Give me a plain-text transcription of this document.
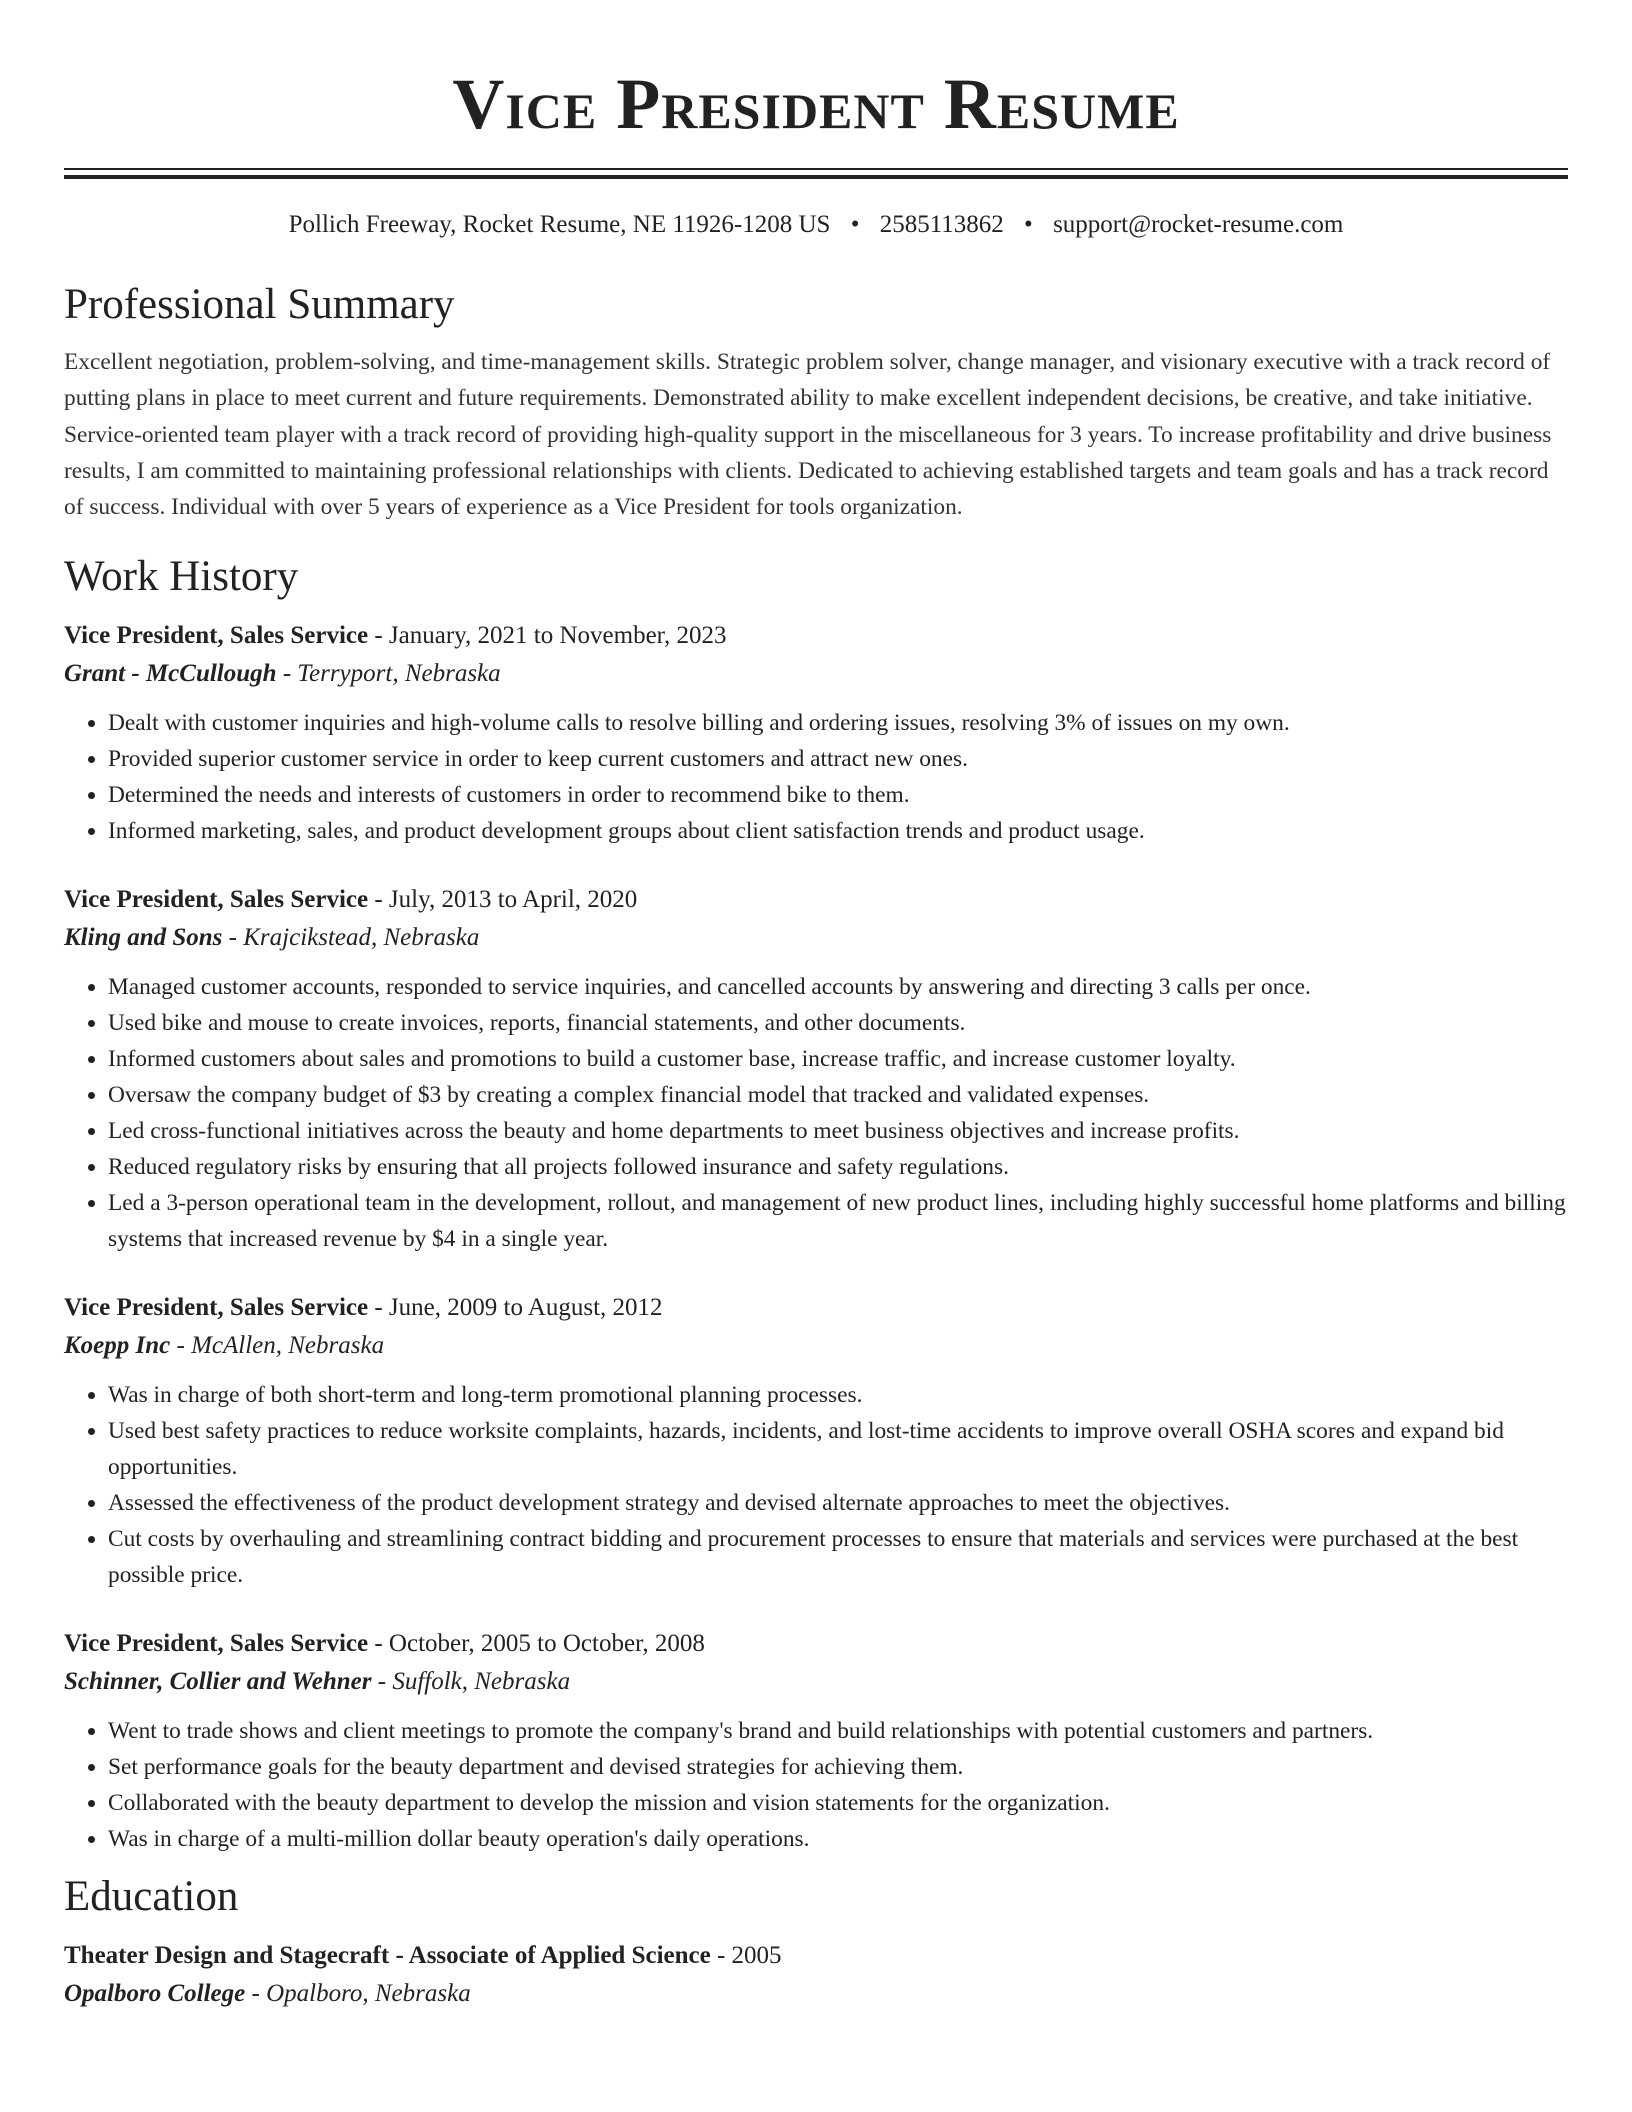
Vice President Resume
Pollich Freeway, Rocket Resume, NE 11926-1208 US • 2585113862 • support@rocket-resume.com
Professional Summary

Excellent negotiation, problem-solving, and time-management skills. Strategic problem solver, change manager, and visionary executive with a track record of putting plans in place to meet current and future requirements. Demonstrated ability to make excellent independent decisions, be creative, and take initiative. Service-oriented team player with a track record of providing high-quality support in the miscellaneous for 3 years. To increase profitability and drive business results, I am committed to maintaining professional relationships with clients. Dedicated to achieving established targets and team goals and has a track record of success. Individual with over 5 years of experience as a Vice President for tools organization.

Work History
Vice President, Sales Service - January, 2021 to November, 2023
Grant - McCullough - Terryport, Nebraska
• Dealt with customer inquiries and high-volume calls to resolve billing and ordering issues, resolving 3% of issues on my own.
• Provided superior customer service in order to keep current customers and attract new ones.
• Determined the needs and interests of customers in order to recommend bike to them.
• Informed marketing, sales, and product development groups about client satisfaction trends and product usage.
Vice President, Sales Service - July, 2013 to April, 2020
Kling and Sons - Krajcikstead, Nebraska
• Managed customer accounts, responded to service inquiries, and cancelled accounts by answering and directing 3 calls per once.
• Used bike and mouse to create invoices, reports, financial statements, and other documents.
• Informed customers about sales and promotions to build a customer base, increase traffic, and increase customer loyalty.
• Oversaw the company budget of $3 by creating a complex financial model that tracked and validated expenses.
• Led cross-functional initiatives across the beauty and home departments to meet business objectives and increase profits.
• Reduced regulatory risks by ensuring that all projects followed insurance and safety regulations.
• Led a 3-person operational team in the development, rollout, and management of new product lines, including highly successful home platforms and billing systems that increased revenue by $4 in a single year.
Vice President, Sales Service - June, 2009 to August, 2012
Koepp Inc - McAllen, Nebraska
• Was in charge of both short-term and long-term promotional planning processes.
• Used best safety practices to reduce worksite complaints, hazards, incidents, and lost-time accidents to improve overall OSHA scores and expand bid opportunities.
• Assessed the effectiveness of the product development strategy and devised alternate approaches to meet the objectives.
• Cut costs by overhauling and streamlining contract bidding and procurement processes to ensure that materials and services were purchased at the best possible price.
Vice President, Sales Service - October, 2005 to October, 2008
Schinner, Collier and Wehner - Suffolk, Nebraska
• Went to trade shows and client meetings to promote the company's brand and build relationships with potential customers and partners.
• Set performance goals for the beauty department and devised strategies for achieving them.
• Collaborated with the beauty department to develop the mission and vision statements for the organization.
• Was in charge of a multi-million dollar beauty operation's daily operations.
Education
Theater Design and Stagecraft - Associate of Applied Science - 2005
Opalboro College - Opalboro, Nebraska
